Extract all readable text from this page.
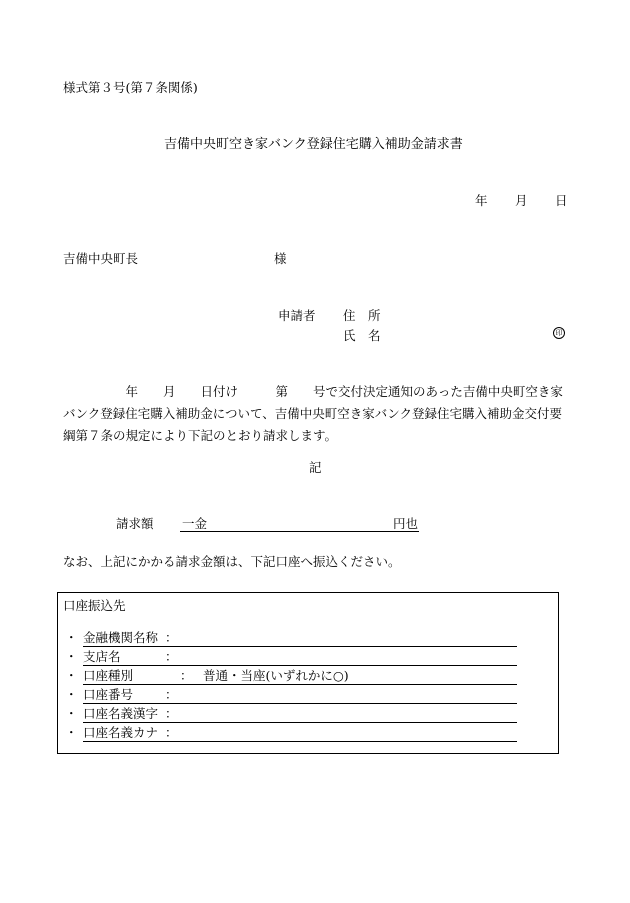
様式第３号(第７条関係)
吉備中央町空き家バンク登録住宅購入補助金請求書
年 月 日
吉備中央町長	様
申請者 住　所
氏　名	印
　　　　　年　　月　　日付け　　　第　　号で交付決定通知のあった吉備中央町空き家バンク登録住宅購入補助金について、吉備中央町空き家バンク登録住宅購入補助金交付要綱第７条の規定により下記のとおり請求します。
記
請求額 一金	円也
なお、上記にかかる請求金額は、下記口座へ振込ください。
口座振込先
・ 金融機関名称 ：
・ 支店名	：
・ 口座種別	： 普通・当座(いずれかに○)
・ 口座番号	：
・ 口座名義漢字 ：
・ 口座名義カナ ：
